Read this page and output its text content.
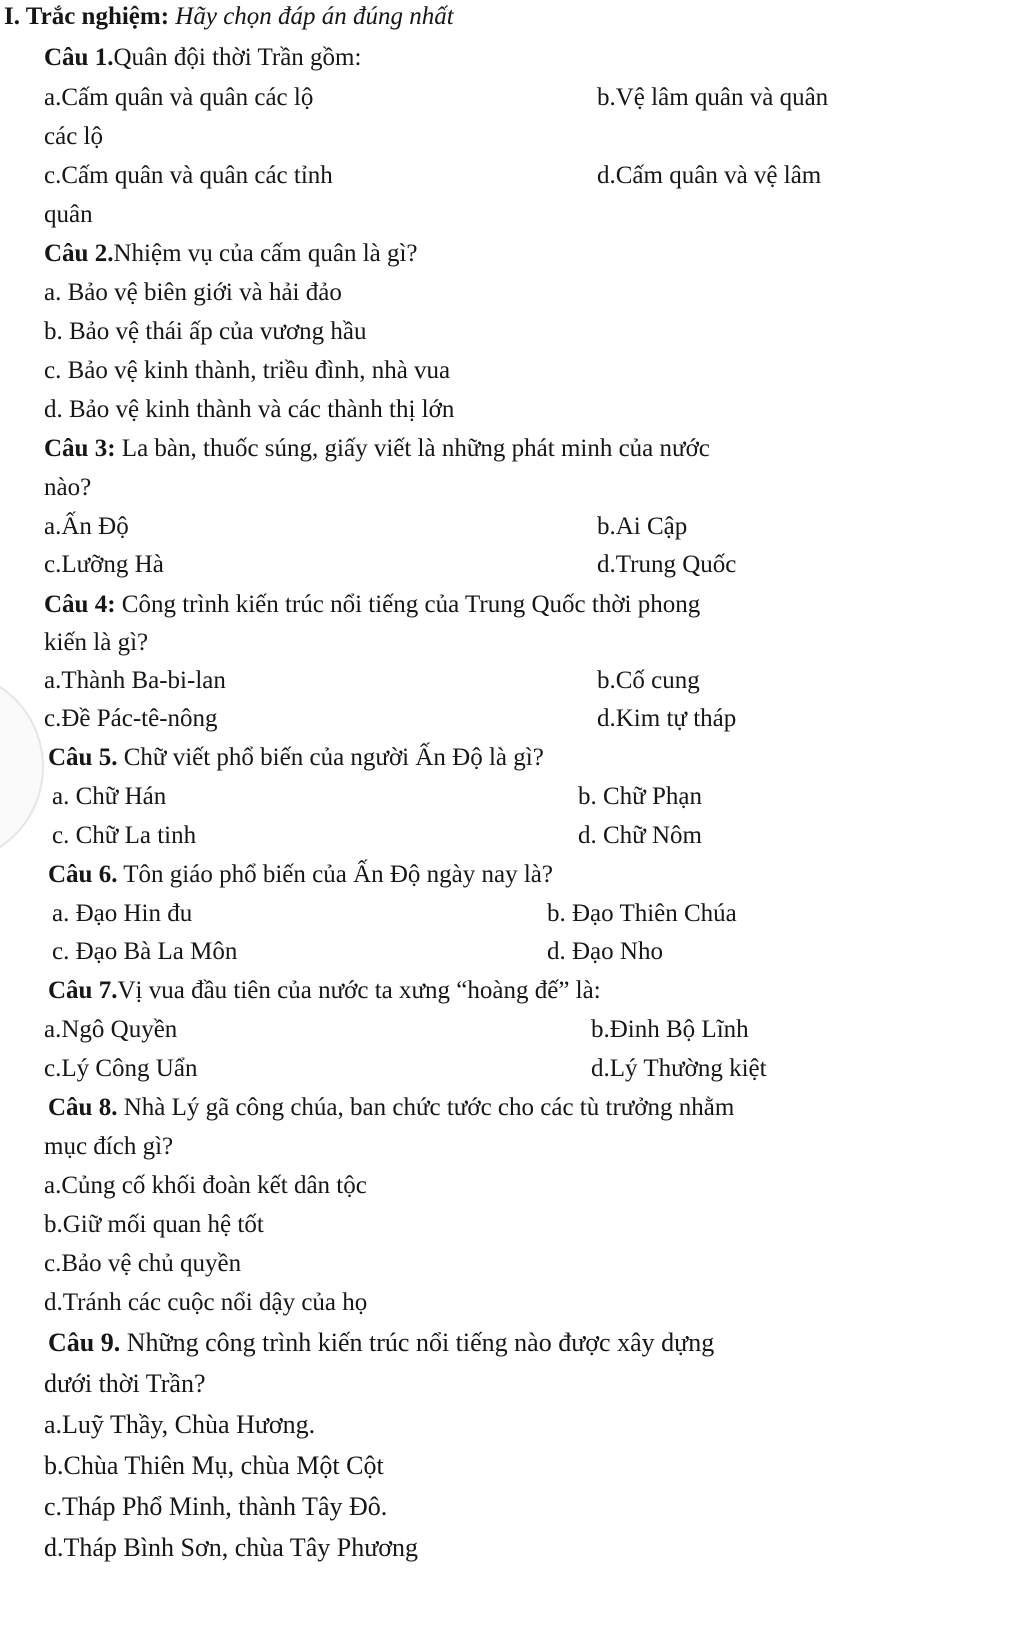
I. Trắc nghiệm: Hãy chọn đáp án đúng nhất
Câu 1.Quân đội thời Trần gồm:
a.Cấm quân và quân các lộ	b.Vệ lâm quân và quân
các lộ
c.Cấm quân và quân các tỉnh	d.Cấm quân và vệ lâm
quân
Câu 2.Nhiệm vụ của cấm quân là gì?
a. Bảo vệ biên giới và hải đảo
b. Bảo vệ thái ấp của vương hầu
c. Bảo vệ kinh thành, triều đình, nhà vua
d. Bảo vệ kinh thành và các thành thị lớn
Câu 3: La bàn, thuốc súng, giấy viết là những phát minh của nước
nào?
a.Ấn Độ	b.Ai Cập
c.Lưỡng Hà	d.Trung Quốc
Câu 4: Công trình kiến trúc nổi tiếng của Trung Quốc thời phong
kiến là gì?
a.Thành Ba-bi-lan	b.Cố cung
c.Đề Pác-tê-nông	d.Kim tự tháp
Câu 5. Chữ viết phổ biến của người Ấn Độ là gì?
a. Chữ Hán	b. Chữ Phạn
c. Chữ La tinh	d. Chữ Nôm
Câu 6. Tôn giáo phổ biến của Ấn Độ ngày nay là?
a. Đạo Hin đu	b. Đạo Thiên Chúa
c. Đạo Bà La Môn	d. Đạo Nho
Câu 7.Vị vua đầu tiên của nước ta xưng “hoàng đế” là:
a.Ngô Quyền	b.Đinh Bộ Lĩnh
c.Lý Công Uẩn	d.Lý Thường kiệt
Câu 8. Nhà Lý gã công chúa, ban chức tước cho các tù trưởng nhằm
mục đích gì?
a.Củng cố khối đoàn kết dân tộc
b.Giữ mối quan hệ tốt
c.Bảo vệ chủ quyền
d.Tránh các cuộc nổi dậy của họ
Câu 9. Những công trình kiến trúc nổi tiếng nào được xây dựng
dưới thời Trần?
a.Luỹ Thầy, Chùa Hương.
b.Chùa Thiên Mụ, chùa Một Cột
c.Tháp Phổ Minh, thành Tây Đô.
d.Tháp Bình Sơn, chùa Tây Phương
